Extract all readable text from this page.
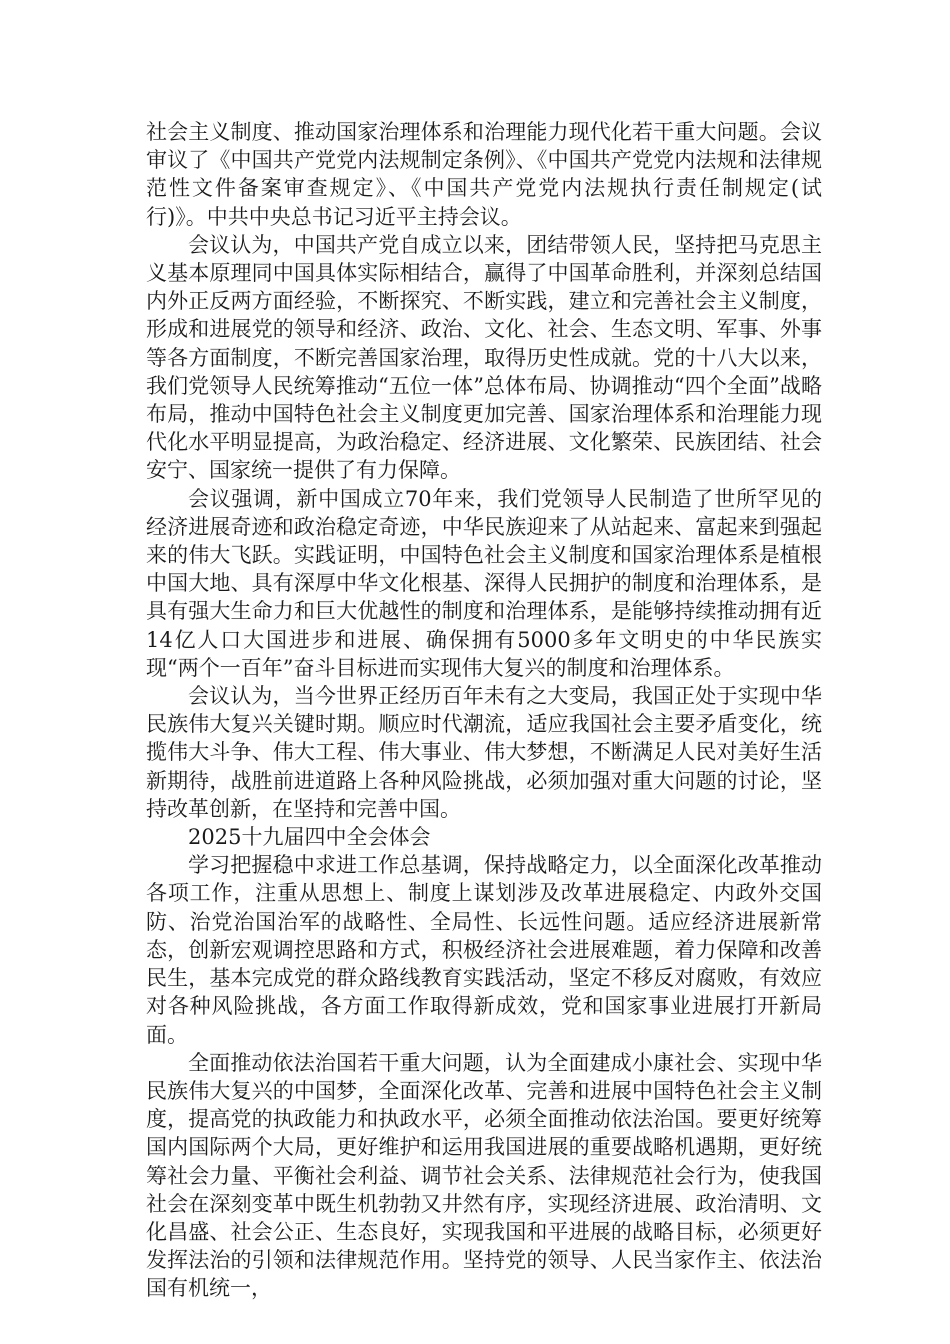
社会主义制度、推动国家治理体系和治理能力现代化若干重大问题。会议审议了《中国共产党党内法规制定条例》、《中国共产党党内法规和法律规范性文件备案审查规定》、《中国共产党党内法规执行责任制规定(试行)》。中共中央总书记习近平主持会议。

会议认为，中国共产党自成立以来，团结带领人民，坚持把马克思主义基本原理同中国具体实际相结合，赢得了中国革命胜利，并深刻总结国内外正反两方面经验，不断探究、不断实践，建立和完善社会主义制度，形成和进展党的领导和经济、政治、文化、社会、生态文明、军事、外事等各方面制度，不断完善国家治理，取得历史性成就。党的十八大以来，我们党领导人民统筹推动“五位一体”总体布局、协调推动“四个全面”战略布局，推动中国特色社会主义制度更加完善、国家治理体系和治理能力现代化水平明显提高，为政治稳定、经济进展、文化繁荣、民族团结、社会安宁、国家统一提供了有力保障。

会议强调，新中国成立70年来，我们党领导人民制造了世所罕见的经济进展奇迹和政治稳定奇迹，中华民族迎来了从站起来、富起来到强起来的伟大飞跃。实践证明，中国特色社会主义制度和国家治理体系是植根中国大地、具有深厚中华文化根基、深得人民拥护的制度和治理体系，是具有强大生命力和巨大优越性的制度和治理体系，是能够持续推动拥有近14亿人口大国进步和进展、确保拥有5000多年文明史的中华民族实现“两个一百年”奋斗目标进而实现伟大复兴的制度和治理体系。

会议认为，当今世界正经历百年未有之大变局，我国正处于实现中华民族伟大复兴关键时期。顺应时代潮流，适应我国社会主要矛盾变化，统揽伟大斗争、伟大工程、伟大事业、伟大梦想，不断满足人民对美好生活新期待，战胜前进道路上各种风险挑战，必须加强对重大问题的讨论，坚持改革创新，在坚持和完善中国。

2025十九届四中全会体会

学习把握稳中求进工作总基调，保持战略定力，以全面深化改革推动各项工作，注重从思想上、制度上谋划涉及改革进展稳定、内政外交国防、治党治国治军的战略性、全局性、长远性问题。适应经济进展新常态，创新宏观调控思路和方式，积极经济社会进展难题，着力保障和改善民生，基本完成党的群众路线教育实践活动，坚定不移反对腐败，有效应对各种风险挑战，各方面工作取得新成效，党和国家事业进展打开新局面。

全面推动依法治国若干重大问题，认为全面建成小康社会、实现中华民族伟大复兴的中国梦，全面深化改革、完善和进展中国特色社会主义制度，提高党的执政能力和执政水平，必须全面推动依法治国。要更好统筹国内国际两个大局，更好维护和运用我国进展的重要战略机遇期，更好统筹社会力量、平衡社会利益、调节社会关系、法律规范社会行为，使我国社会在深刻变革中既生机勃勃又井然有序，实现经济进展、政治清明、文化昌盛、社会公正、生态良好，实现我国和平进展的战略目标，必须更好发挥法治的引领和法律规范作用。坚持党的领导、人民当家作主、依法治国有机统一，
